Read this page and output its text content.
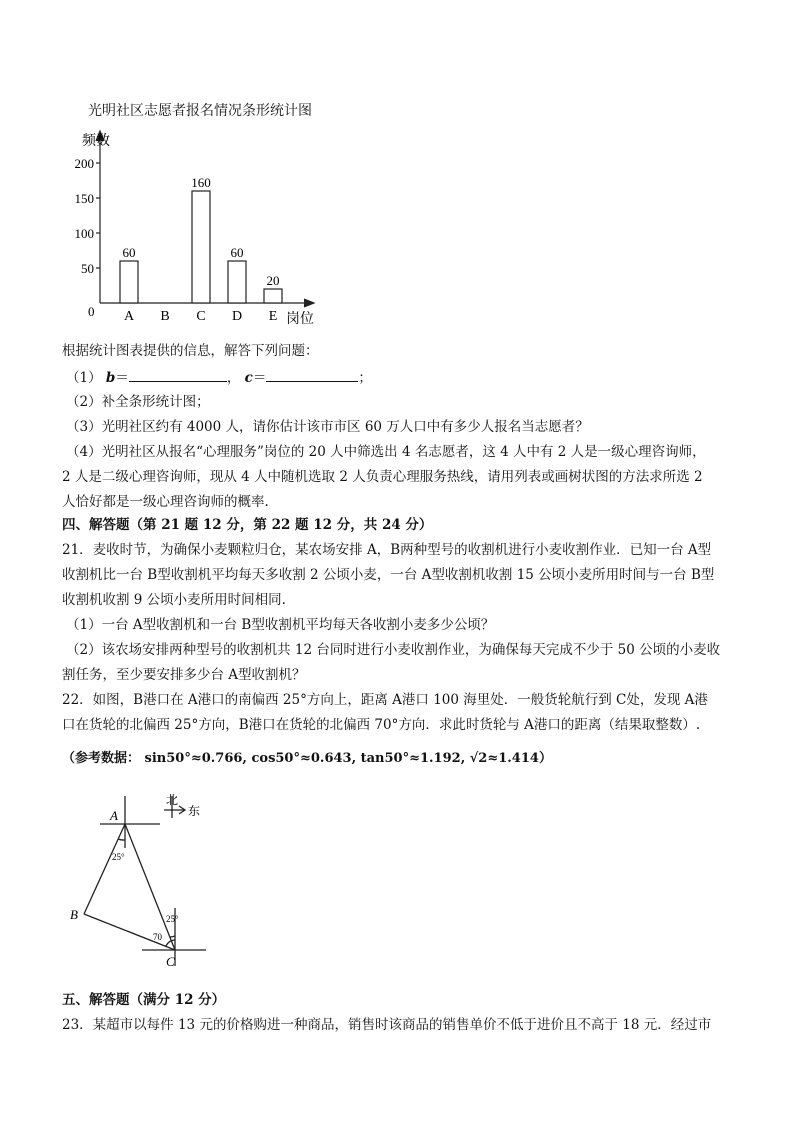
光明社区志愿者报名情况条形统计图
频数
岗位
0
50
100
150
200
60
A B
160
C
60
D
20
E
根据统计图表提供的信息，解答下列问题：
（1） b＝	， c＝	；
（2）补全条形统计图；
（3）光明社区约有 4000 人，请你估计该市市区 60 万人口中有多少人报名当志愿者？
（4）光明社区从报名“心理服务”岗位的 20 人中筛选出 4 名志愿者，这 4 人中有 2 人是一级心理咨询师，
2 人是二级心理咨询师，现从 4 人中随机选取 2 人负责心理服务热线，请用列表或画树状图的方法求所选 2
人恰好都是一级心理咨询师的概率.
四、解答题（第 21 题 12 分，第 22 题 12 分，共 24 分）
21．麦收时节，为确保小麦颗粒归仓，某农场安排 A，B两种型号的收割机进行小麦收割作业．已知一台 A型
收割机比一台 B型收割机平均每天多收割 2 公顷小麦，一台 A型收割机收割 15 公顷小麦所用时间与一台 B型
收割机收割 9 公顷小麦所用时间相同.
（1）一台 A型收割机和一台 B型收割机平均每天各收割小麦多少公顷？
（2）该农场安排两种型号的收割机共 12 台同时进行小麦收割作业，为确保每天完成不少于 50 公顷的小麦收
割任务，至少要安排多少台 A型收割机？
22．如图，B港口在 A港口的南偏西 25°方向上，距离 A港口 100 海里处．一般货轮航行到 C处，发现 A港
口在货轮的北偏西 25°方向，B港口在货轮的北偏西 70°方向．求此时货轮与 A港口的距离（结果取整数）.
（参考数据： sin50°≈0.766, cos50°≈0.643, tan50°≈1.192, √2≈1.414）
北
东
A
B
C
25°
25°
70
五、解答题（满分 12 分）
23．某超市以每件 13 元的价格购进一种商品，销售时该商品的销售单价不低于进价且不高于 18 元．经过市
